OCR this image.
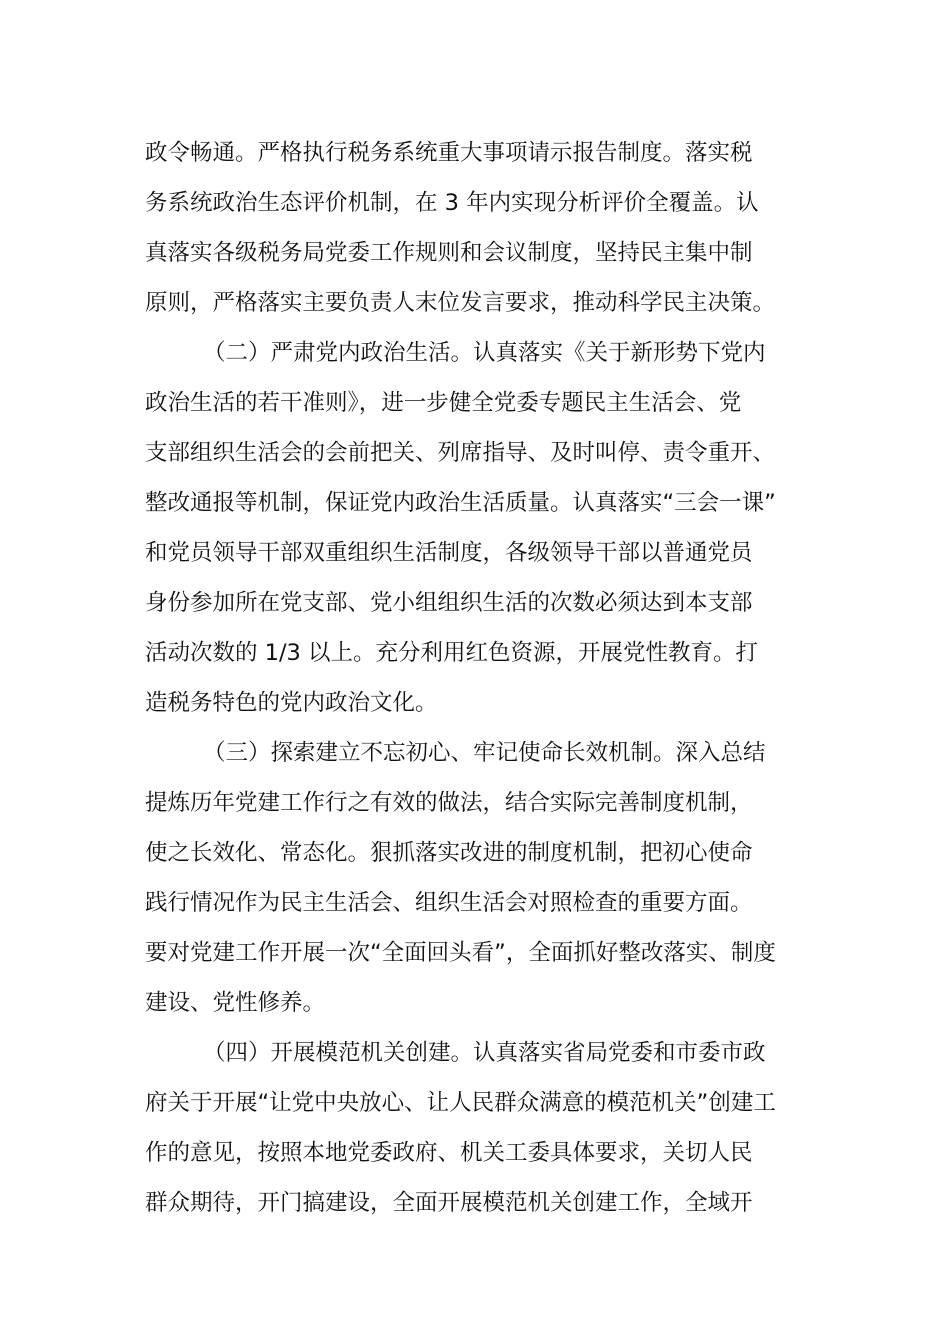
政令畅通。严格执行税务系统重大事项请示报告制度。落实税
务系统政治生态评价机制，在 3 年内实现分析评价全覆盖。认
真落实各级税务局党委工作规则和会议制度，坚持民主集中制
原则，严格落实主要负责人末位发言要求，推动科学民主决策。
（二）严肃党内政治生活。认真落实《关于新形势下党内
政治生活的若干准则》，进一步健全党委专题民主生活会、党
支部组织生活会的会前把关、列席指导、及时叫停、责令重开、
整改通报等机制，保证党内政治生活质量。认真落实“三会一课”
和党员领导干部双重组织生活制度，各级领导干部以普通党员
身份参加所在党支部、党小组组织生活的次数必须达到本支部
活动次数的 1/3 以上。充分利用红色资源，开展党性教育。打
造税务特色的党内政治文化。
（三）探索建立不忘初心、牢记使命长效机制。深入总结
提炼历年党建工作行之有效的做法，结合实际完善制度机制，
使之长效化、常态化。狠抓落实改进的制度机制，把初心使命
践行情况作为民主生活会、组织生活会对照检查的重要方面。
要对党建工作开展一次“全面回头看”，全面抓好整改落实、制度
建设、党性修养。
（四）开展模范机关创建。认真落实省局党委和市委市政
府关于开展“让党中央放心、让人民群众满意的模范机关”创建工
作的意见，按照本地党委政府、机关工委具体要求，关切人民
群众期待，开门搞建设，全面开展模范机关创建工作，全域开
